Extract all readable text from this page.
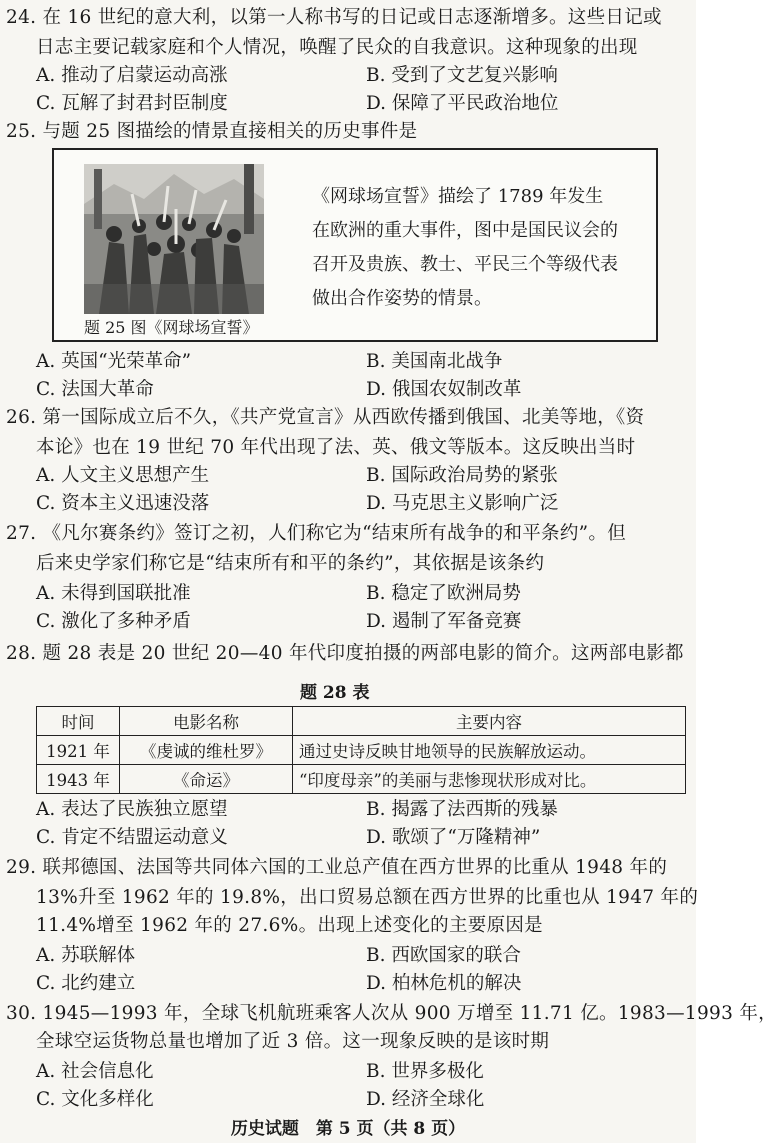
24. 在 16 世纪的意大利，以第一人称书写的日记或日志逐渐增多。这些日记或
日志主要记载家庭和个人情况，唤醒了民众的自我意识。这种现象的出现
A. 推动了启蒙运动高涨	B. 受到了文艺复兴影响
C. 瓦解了封君封臣制度	D. 保障了平民政治地位
25. 与题 25 图描绘的情景直接相关的历史事件是
题 25 图《网球场宣誓》
《网球场宣誓》描绘了 1789 年发生
在欧洲的重大事件，图中是国民议会的
召开及贵族、教士、平民三个等级代表
做出合作姿势的情景。
A. 英国“光荣革命”	B. 美国南北战争
C. 法国大革命	D. 俄国农奴制改革
26. 第一国际成立后不久，《共产党宣言》从西欧传播到俄国、北美等地，《资
本论》也在 19 世纪 70 年代出现了法、英、俄文等版本。这反映出当时
A. 人文主义思想产生	B. 国际政治局势的紧张
C. 资本主义迅速没落	D. 马克思主义影响广泛
27. 《凡尔赛条约》签订之初，人们称它为“结束所有战争的和平条约”。但
后来史学家们称它是“结束所有和平的条约”，其依据是该条约
A. 未得到国联批准	B. 稳定了欧洲局势
C. 激化了多种矛盾	D. 遏制了军备竞赛
28. 题 28 表是 20 世纪 20—40 年代印度拍摄的两部电影的简介。这两部电影都
题 28 表
时间	电影名称	主要内容
1921 年	《虔诚的维杜罗》	通过史诗反映甘地领导的民族解放运动。
1943 年	《命运》	“印度母亲”的美丽与悲惨现状形成对比。
A. 表达了民族独立愿望	B. 揭露了法西斯的残暴
C. 肯定不结盟运动意义	D. 歌颂了“万隆精神”
29. 联邦德国、法国等共同体六国的工业总产值在西方世界的比重从 1948 年的
13%升至 1962 年的 19.8%，出口贸易总额在西方世界的比重也从 1947 年的
11.4%增至 1962 年的 27.6%。出现上述变化的主要原因是
A. 苏联解体	B. 西欧国家的联合
C. 北约建立	D. 柏林危机的解决
30. 1945—1993 年，全球飞机航班乘客人次从 900 万增至 11.71 亿。1983—1993 年，
全球空运货物总量也增加了近 3 倍。这一现象反映的是该时期
A. 社会信息化	B. 世界多极化
C. 文化多样化	D. 经济全球化
历史试题　第 5 页（共 8 页）
